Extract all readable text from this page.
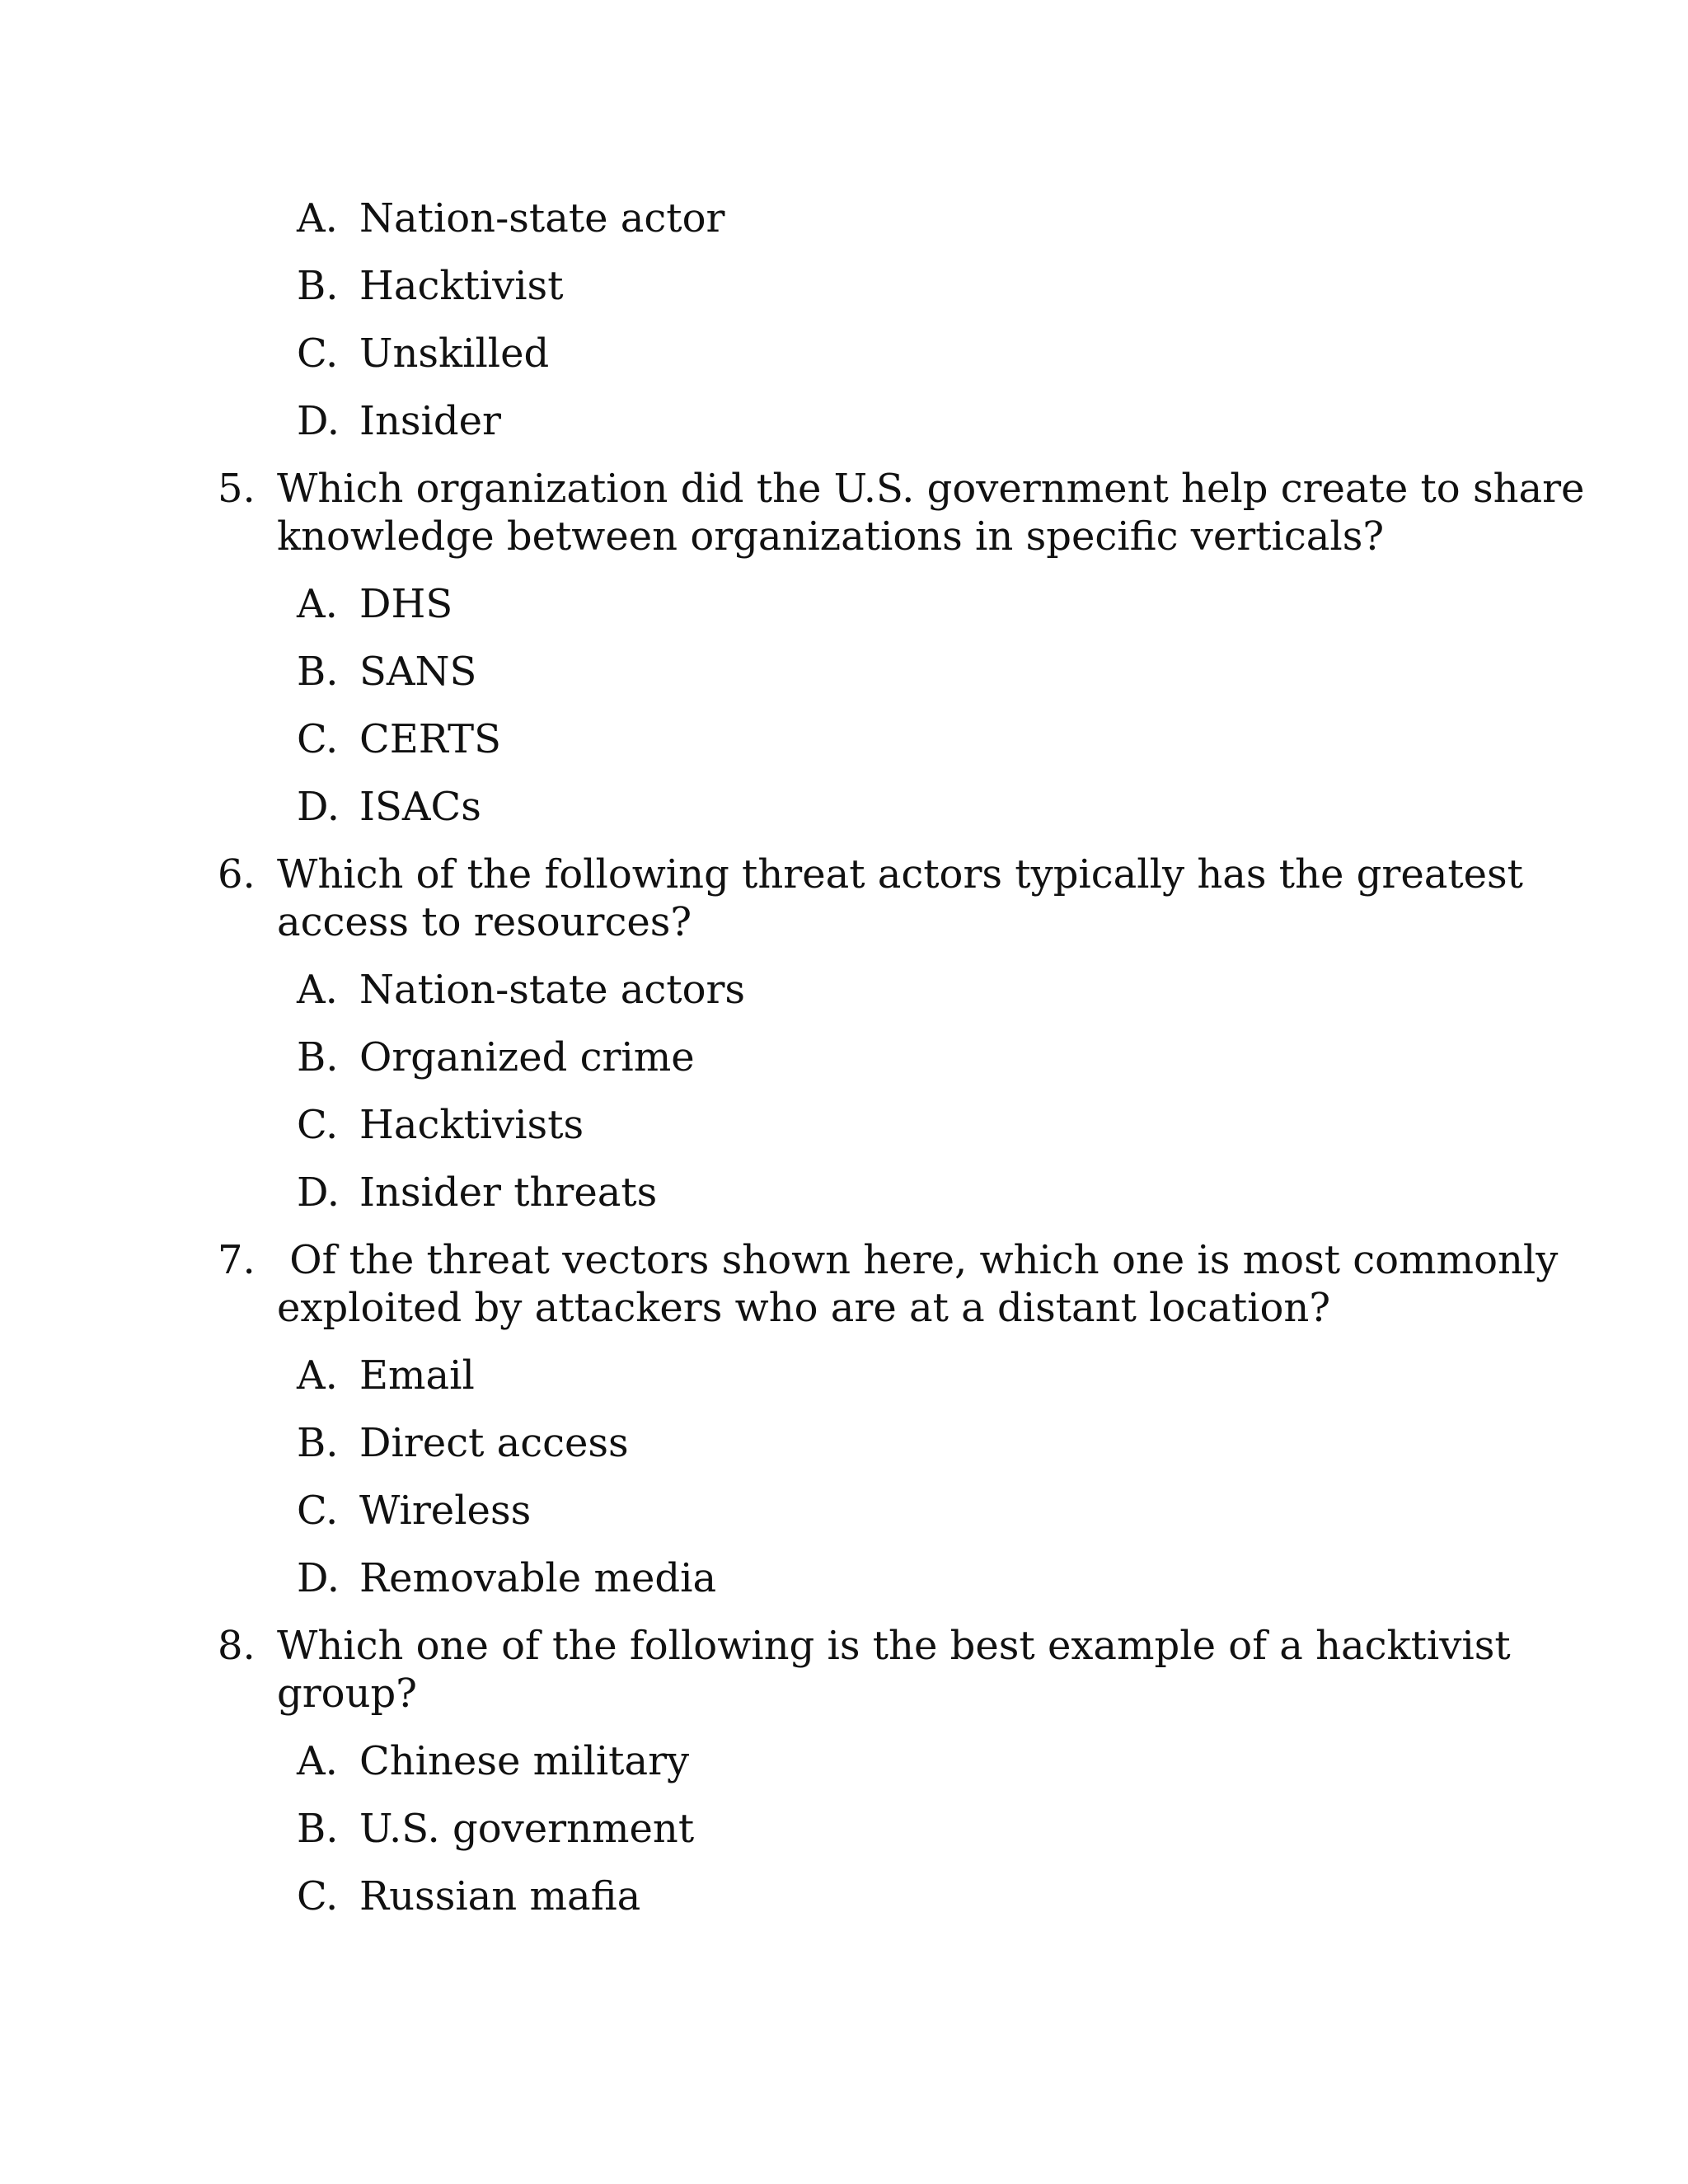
A. Nation-state actor
B. Hacktivist
C. Unskilled
D. Insider
5. Which organization did the U.S. government help create to share
knowledge between organizations in specific verticals?
A. DHS
B. SANS
C. CERTS
D. ISACs
6. Which of the following threat actors typically has the greatest
access to resources?
A. Nation-state actors
B. Organized crime
C. Hacktivists
D. Insider threats
7. Of the threat vectors shown here, which one is most commonly
exploited by attackers who are at a distant location?
A. Email
B. Direct access
C. Wireless
D. Removable media
8. Which one of the following is the best example of a hacktivist
group?
A. Chinese military
B. U.S. government
C. Russian mafia
